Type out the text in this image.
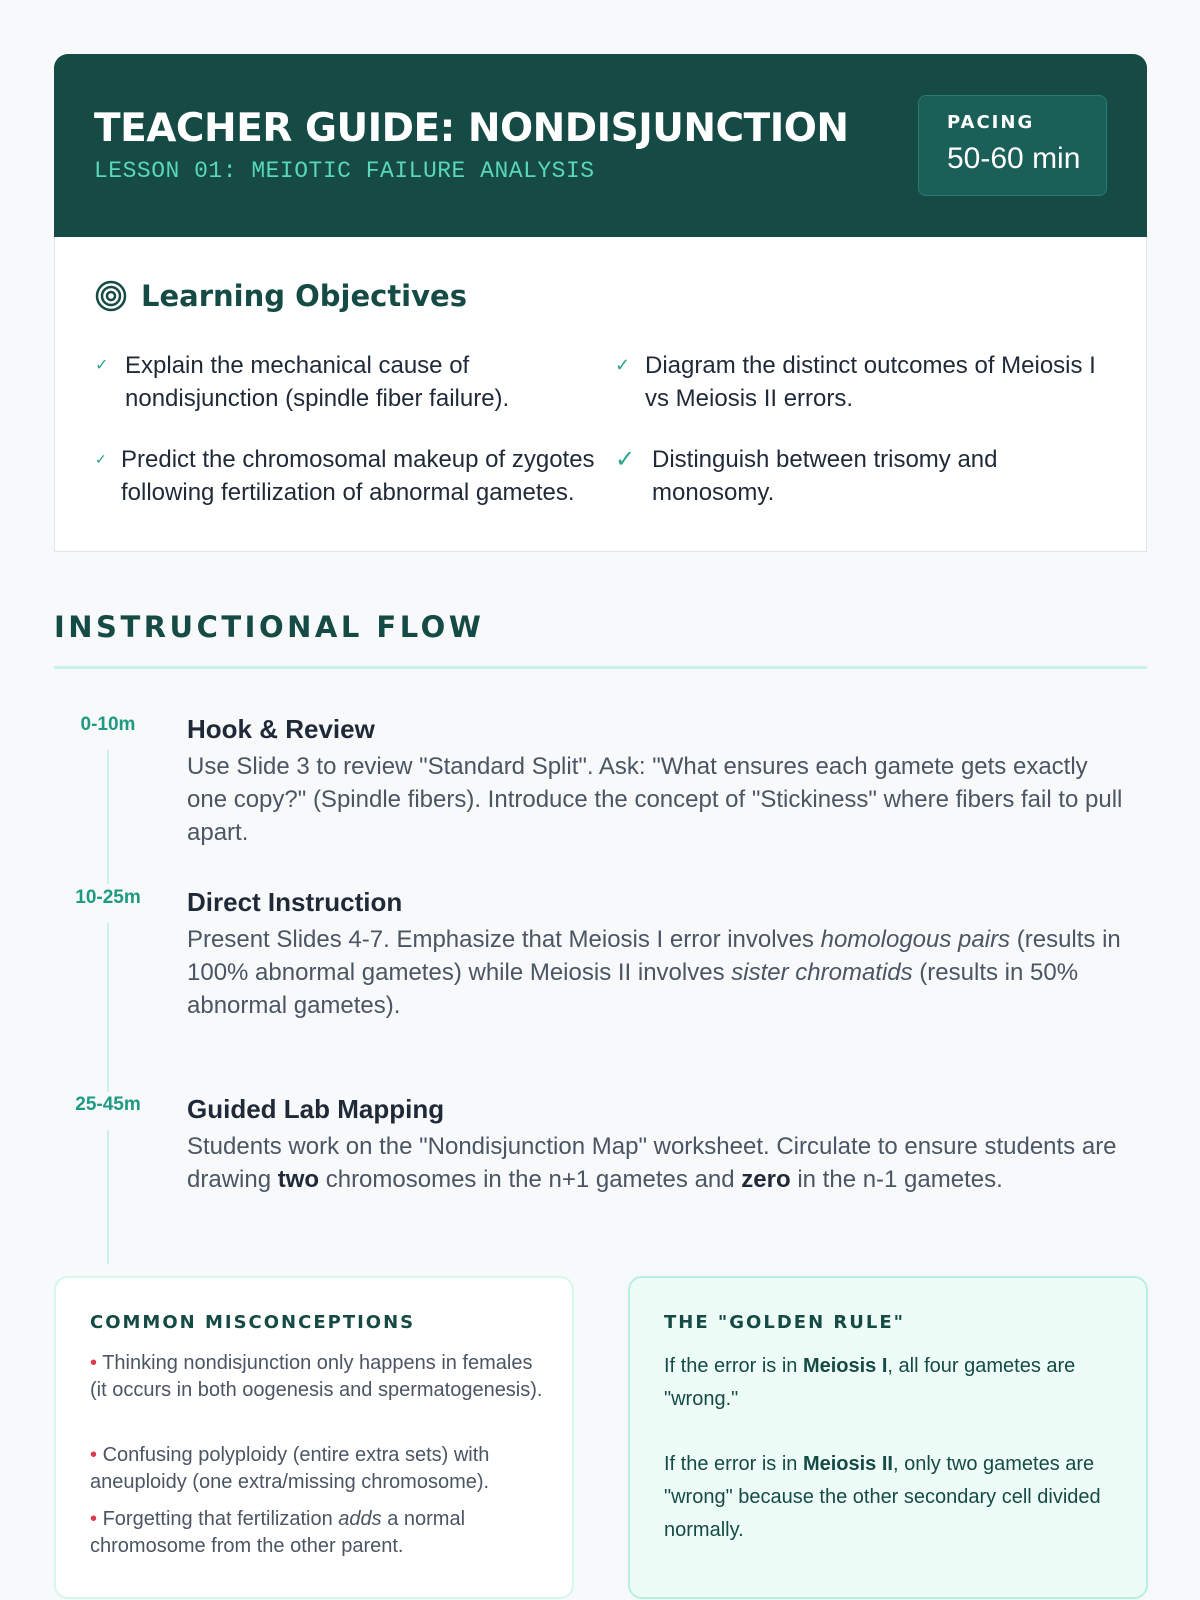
TEACHER GUIDE: NONDISJUNCTION
LESSON 01: MEIOTIC FAILURE ANALYSIS
PACING
50-60 min
Learning Objectives
✓ Explain the mechanical cause of nondisjunction (spindle fiber failure).
✓ Diagram the distinct outcomes of Meiosis I vs Meiosis II errors.
✓ Predict the chromosomal makeup of zygotes following fertilization of abnormal gametes.
✓ Distinguish between trisomy and monosomy.
INSTRUCTIONAL FLOW
0-10m	Hook & Review
Use Slide 3 to review "Standard Split". Ask: "What ensures each gamete gets exactly one copy?" (Spindle fibers). Introduce the concept of "Stickiness" where fibers fail to pull apart.
10-25m	Direct Instruction
Present Slides 4-7. Emphasize that Meiosis I error involves homologous pairs (results in 100% abnormal gametes) while Meiosis II involves sister chromatids (results in 50% abnormal gametes).
25-45m	Guided Lab Mapping
Students work on the "Nondisjunction Map" worksheet. Circulate to ensure students are drawing two chromosomes in the n+1 gametes and zero in the n-1 gametes.
COMMON MISCONCEPTIONS
• Thinking nondisjunction only happens in females (it occurs in both oogenesis and spermatogenesis).
• Confusing polyploidy (entire extra sets) with aneuploidy (one extra/missing chromosome).
• Forgetting that fertilization adds a normal chromosome from the other parent.
THE "GOLDEN RULE"
If the error is in Meiosis I, all four gametes are "wrong."
If the error is in Meiosis II, only two gametes are "wrong" because the other secondary cell divided normally.
